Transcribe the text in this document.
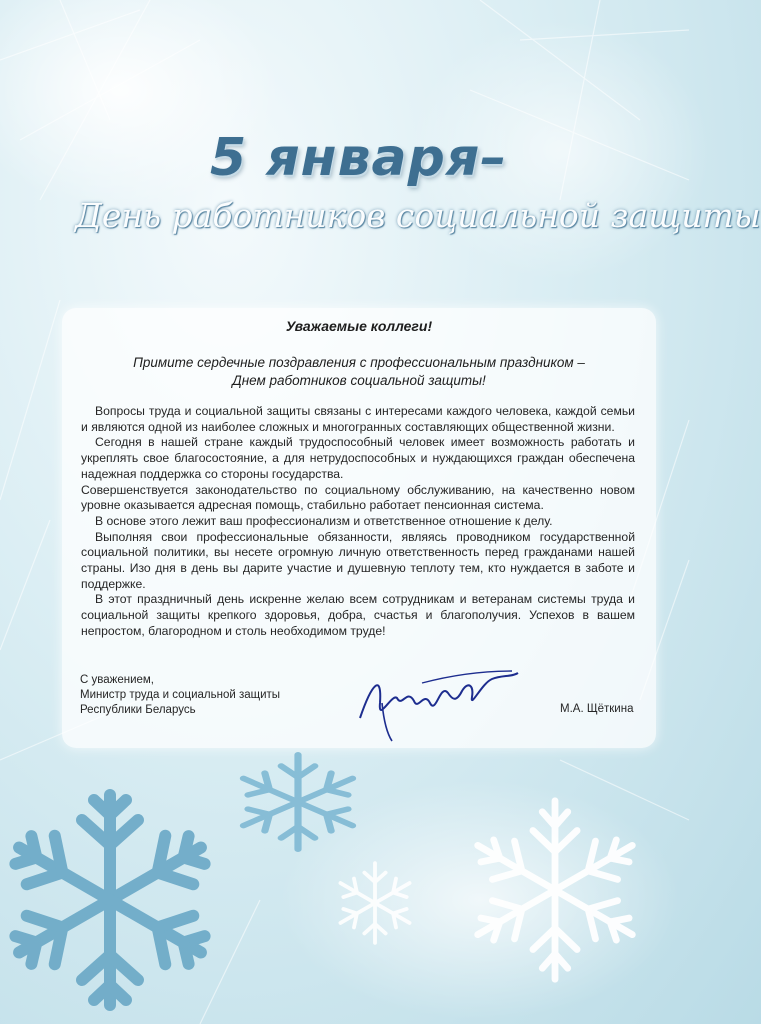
5 января–
День работников социальной защиты
Уважаемые коллеги!
Примите сердечные поздравления с профессиональным праздником –
Днем работников социальной защиты!

Вопросы труда и социальной защиты связаны с интересами каждого человека, каждой семьи и являются одной из наиболее сложных и многогранных составляющих общественной жизни.

Сегодня в нашей стране каждый трудоспособный человек имеет возможность работать и укреплять свое благосостояние, а для нетрудоспособных и нуждающихся граждан обеспечена надежная поддержка со стороны государства.

Совершенствуется законодательство по социальному обслуживанию, на качественно новом уровне оказывается адресная помощь, стабильно работает пенсионная система.

В основе этого лежит ваш профессионализм и ответственное отношение к делу.

Выполняя свои профессиональные обязанности, являясь проводником государственной социальной политики, вы несете огромную личную ответственность перед гражданами нашей страны. Изо дня в день вы дарите участие и душевную теплоту тем, кто нуждается в заботе и поддержке.

В этот праздничный день искренне желаю всем сотрудникам и ветеранам системы труда и социальной защиты крепкого здоровья, добра, счастья и благополучия. Успехов в вашем непростом, благородном и столь необходимом труде!

С уважением,
Министр труда и социальной защиты
Республики Беларусь	М.А. Щёткина
